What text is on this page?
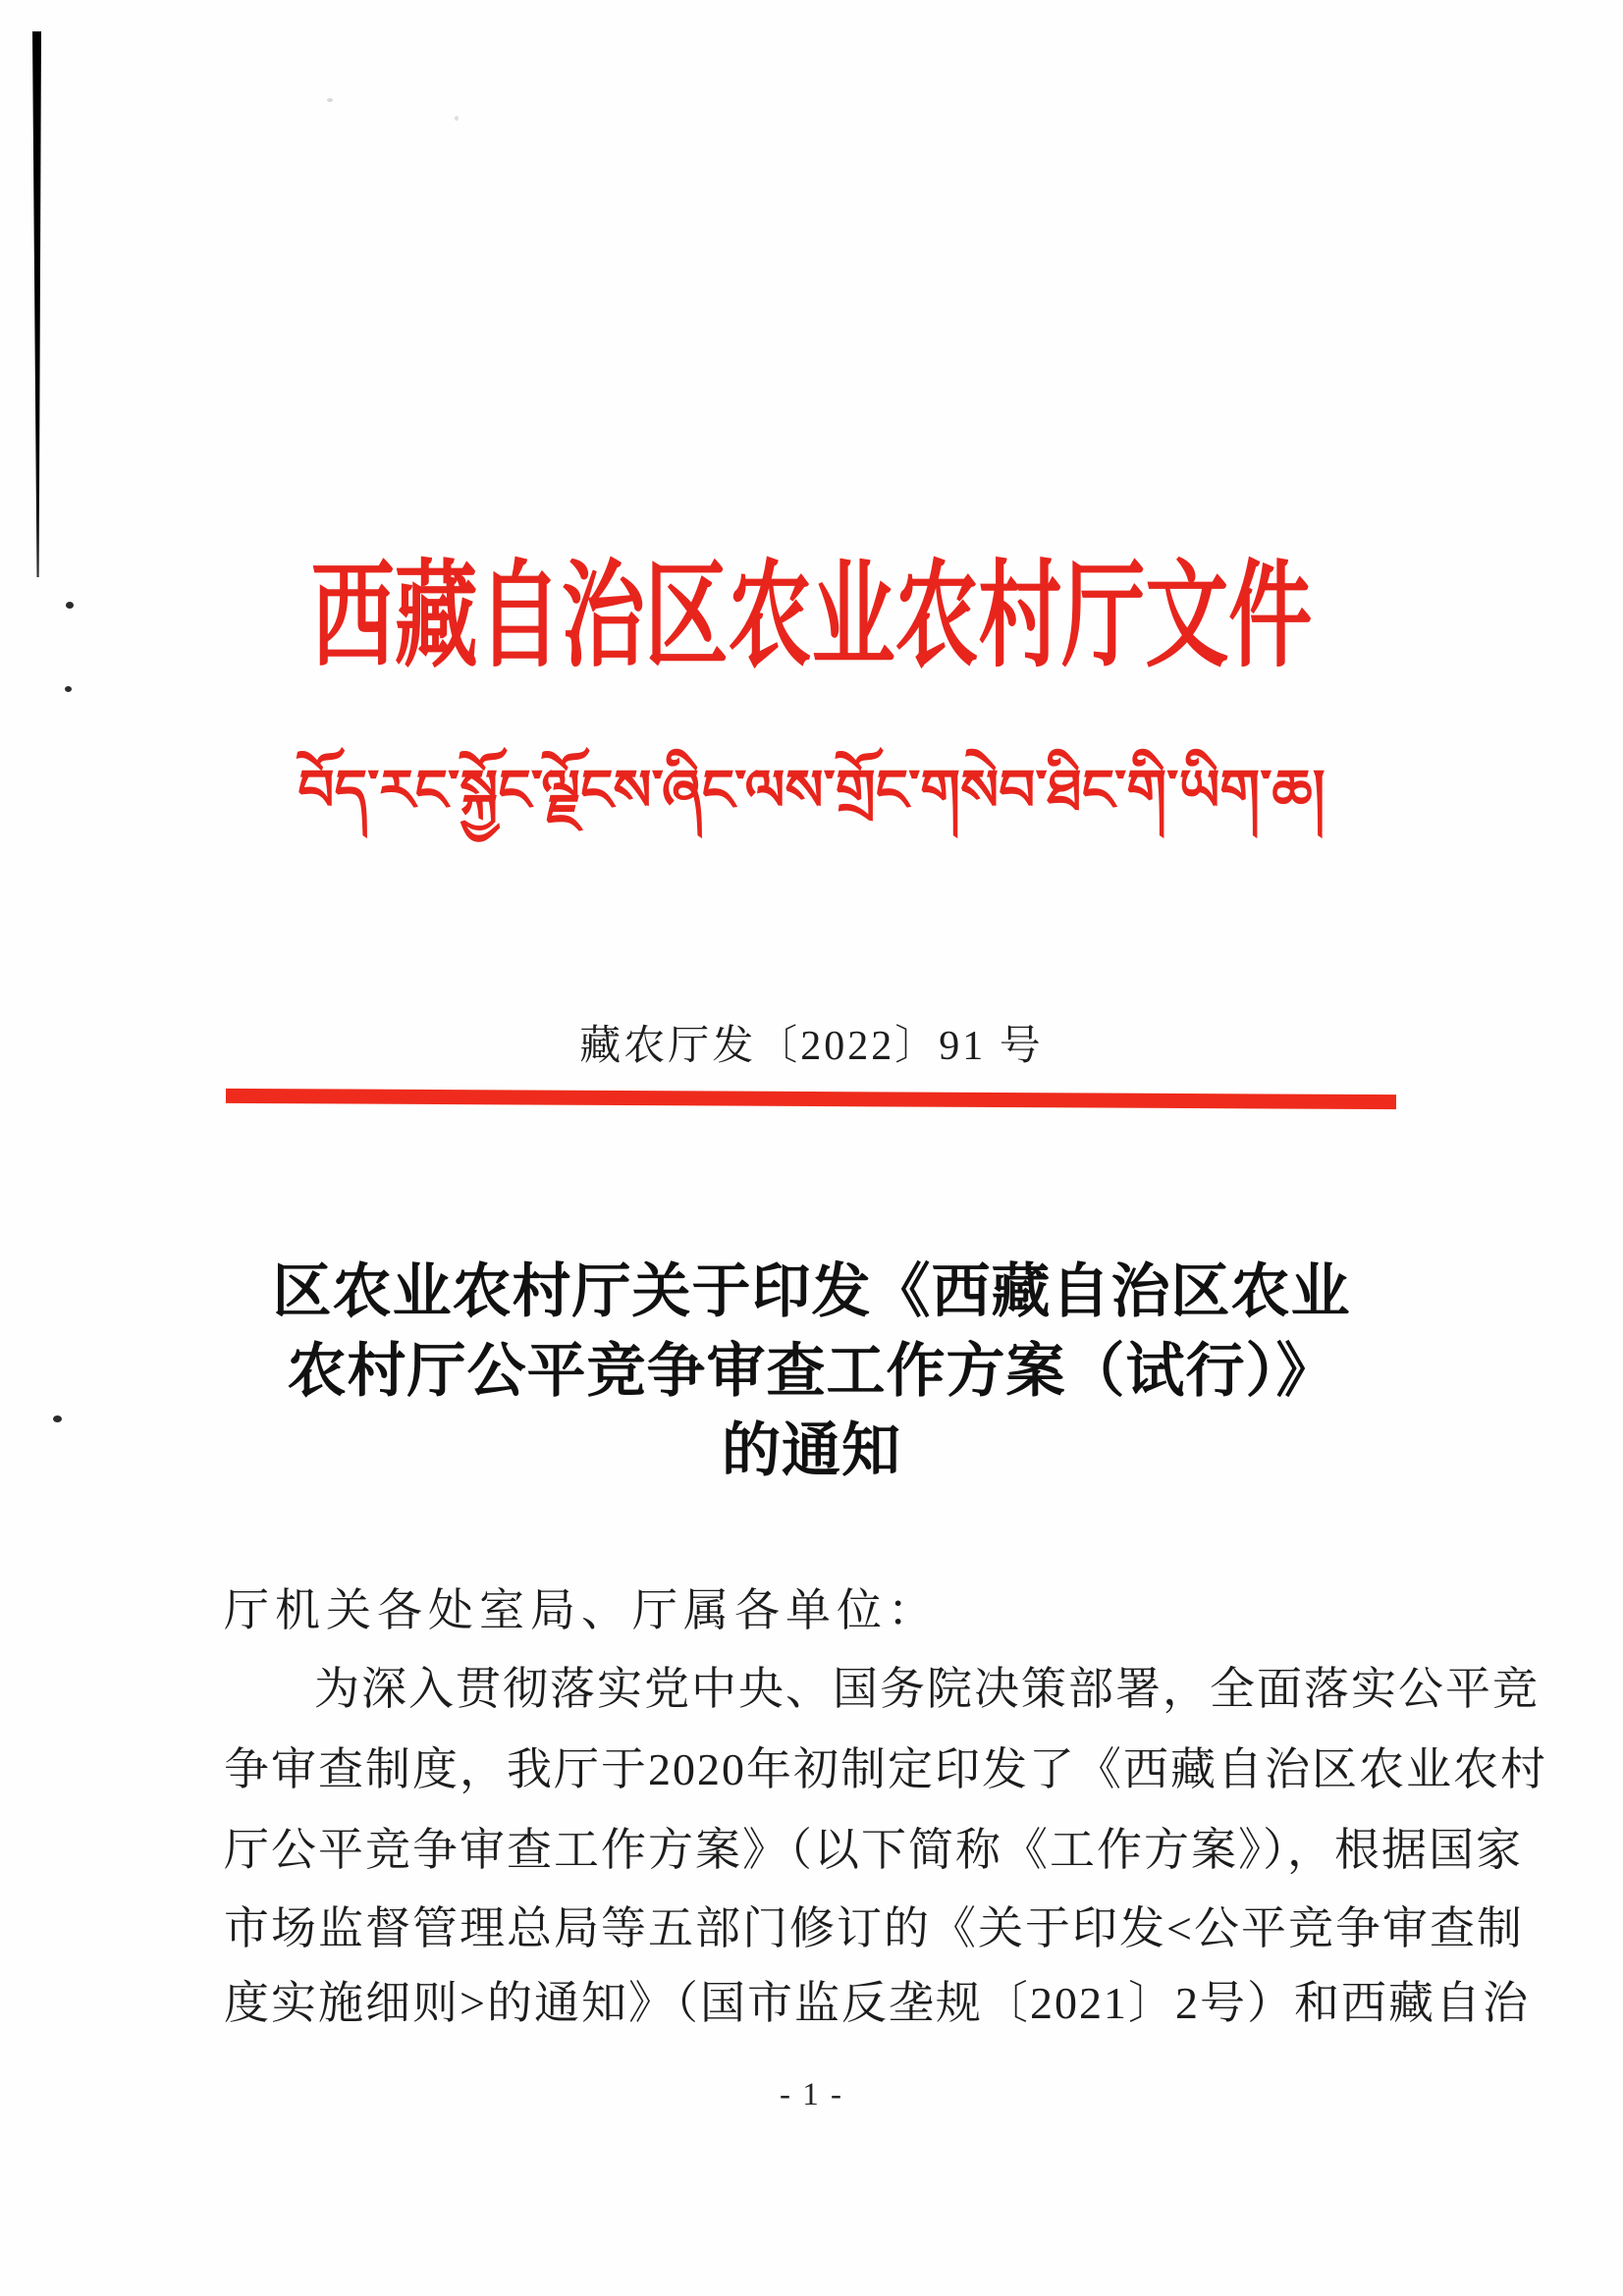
西藏自治区农业农村厅文件
བོད་རང་སྐྱོང་ལྗོངས་ཞིང་ལས་གྲོང་གསེབ་ཐིང་གི་ཡིག་ཆ།
藏农厅发〔2022〕91 号
区农业农村厅关于印发《西藏自治区农业
农村厅公平竞争审查工作方案（试行）》
的通知
厅机关各处室局、厅属各单位：
为深入贯彻落实党中央、国务院决策部署，全面落实公平竞
争审查制度，我厅于2020年初制定印发了《西藏自治区农业农村
厅公平竞争审查工作方案》（以下简称《工作方案》），根据国家
市场监督管理总局等五部门修订的《关于印发<公平竞争审查制
度实施细则>的通知》（国市监反垄规〔2021〕2号）和西藏自治
- 1 -
